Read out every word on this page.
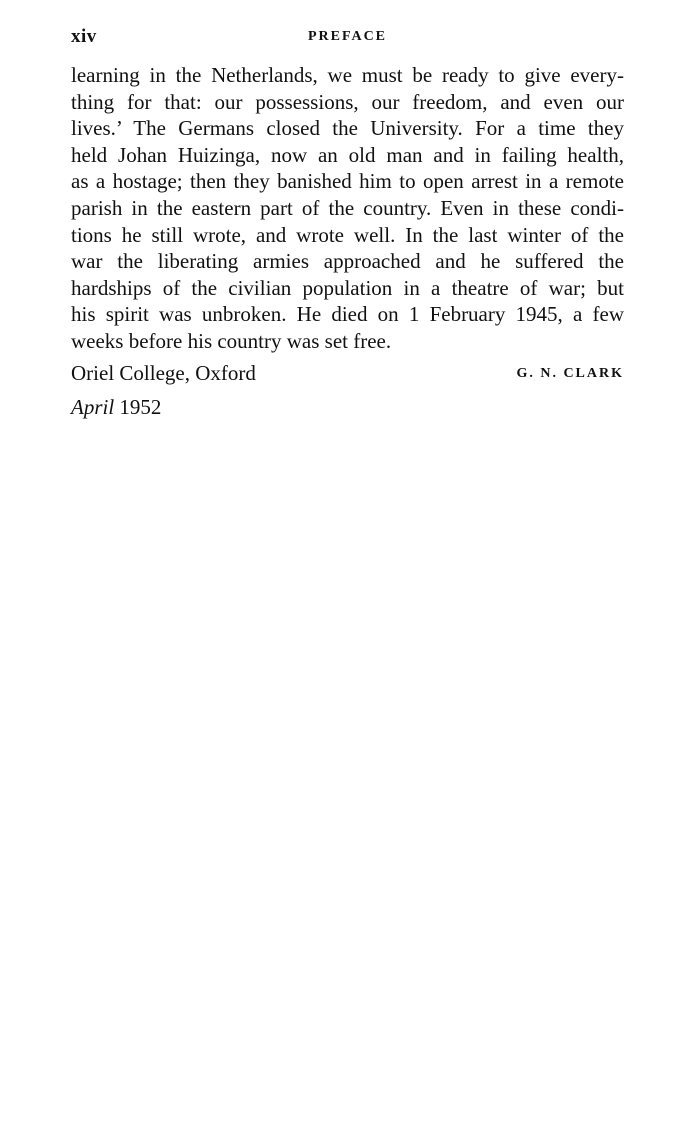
xiv	PREFACE
learning in the Netherlands, we must be ready to give every-
thing for that: our possessions, our freedom, and even our
lives.’ The Germans closed the University. For a time they
held Johan Huizinga, now an old man and in failing health,
as a hostage; then they banished him to open arrest in a remote
parish in the eastern part of the country. Even in these condi-
tions he still wrote, and wrote well. In the last winter of the
war the liberating armies approached and he suffered the
hardships of the civilian population in a theatre of war; but
his spirit was unbroken. He died on 1 February 1945, a few
weeks before his country was set free.
Oriel College, Oxford	G. N. CLARK
April 1952
